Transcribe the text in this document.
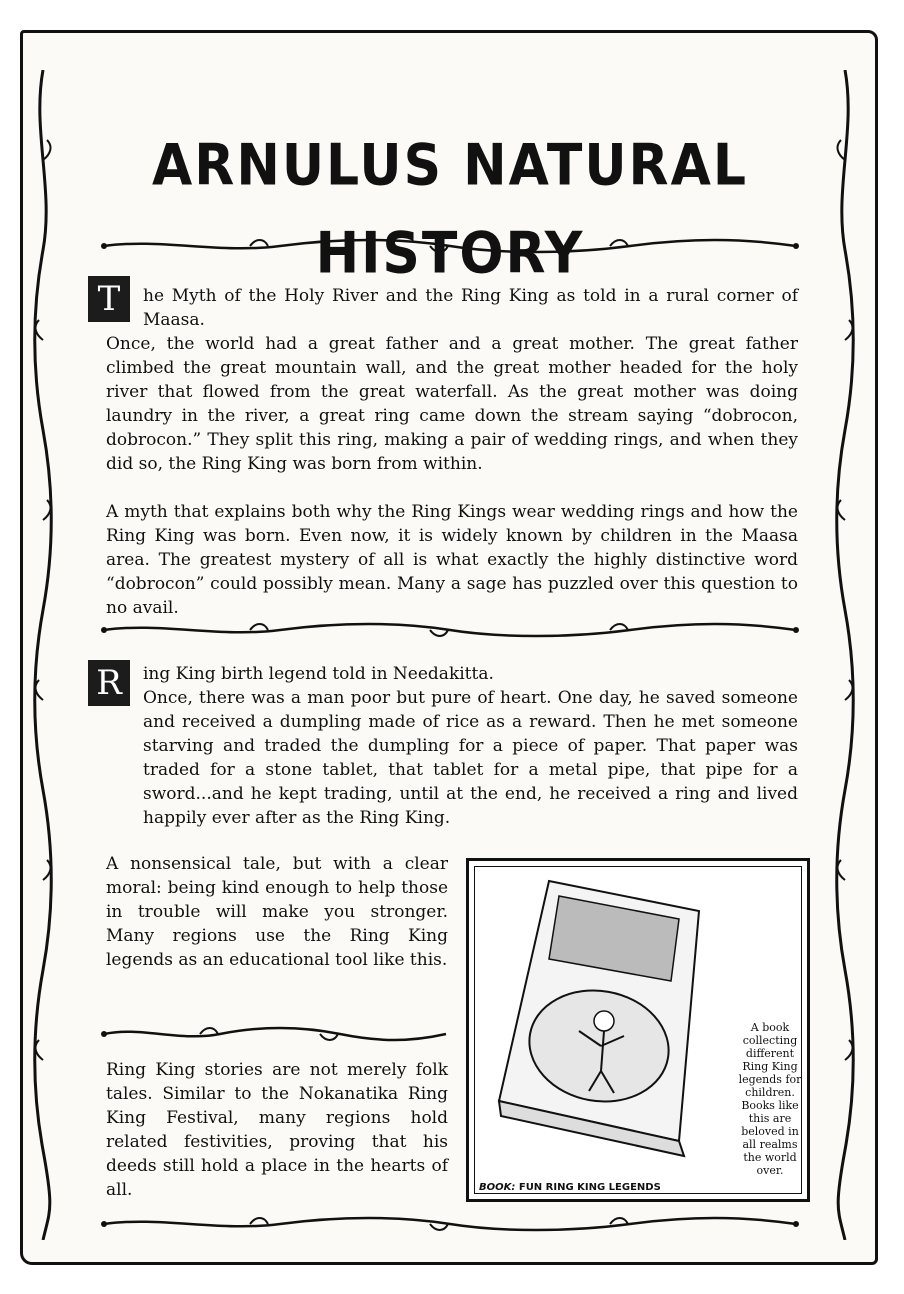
ARNULUS NATURAL HISTORY
T	he Myth of the Holy River and the Ring King as told in a rural corner of Maasa.

Once, the world had a great father and a great mother. The great father climbed the great mountain wall, and the great mother headed for the holy river that flowed from the great waterfall. As the great mother was doing laundry in the river, a great ring came down the stream saying “dobrocon, dobrocon.” They split this ring, making a pair of wedding rings, and when they did so, the Ring King was born from within.

A myth that explains both why the Ring Kings wear wedding rings and how the Ring King was born. Even now, it is widely known by children in the Maasa area. The greatest mystery of all is what exactly the highly distinctive word “dobrocon” could possibly mean. Many a sage has puzzled over this question to no avail.

R	ing King birth legend told in Needakitta.

Once, there was a man poor but pure of heart. One day, he saved someone and received a dumpling made of rice as a reward. Then he met someone starving and traded the dumpling for a piece of paper. That paper was traded for a stone tablet, that tablet for a metal pipe, that pipe for a sword...and he kept trading, until at the end, he received a ring and lived happily ever after as the Ring King.

A nonsensical tale, but with a clear moral: being kind enough to help those in trouble will make you stronger. Many regions use the Ring King legends as an educational tool like this.
Ring King stories are not merely folk tales. Similar to the Nokanatika Ring King Festival, many regions hold related festivities, proving that his deeds still hold a place in the hearts of all.
A book collecting different Ring King legends for children. Books like this are beloved in all realms the world over.
BOOK: FUN RING KING LEGENDS
